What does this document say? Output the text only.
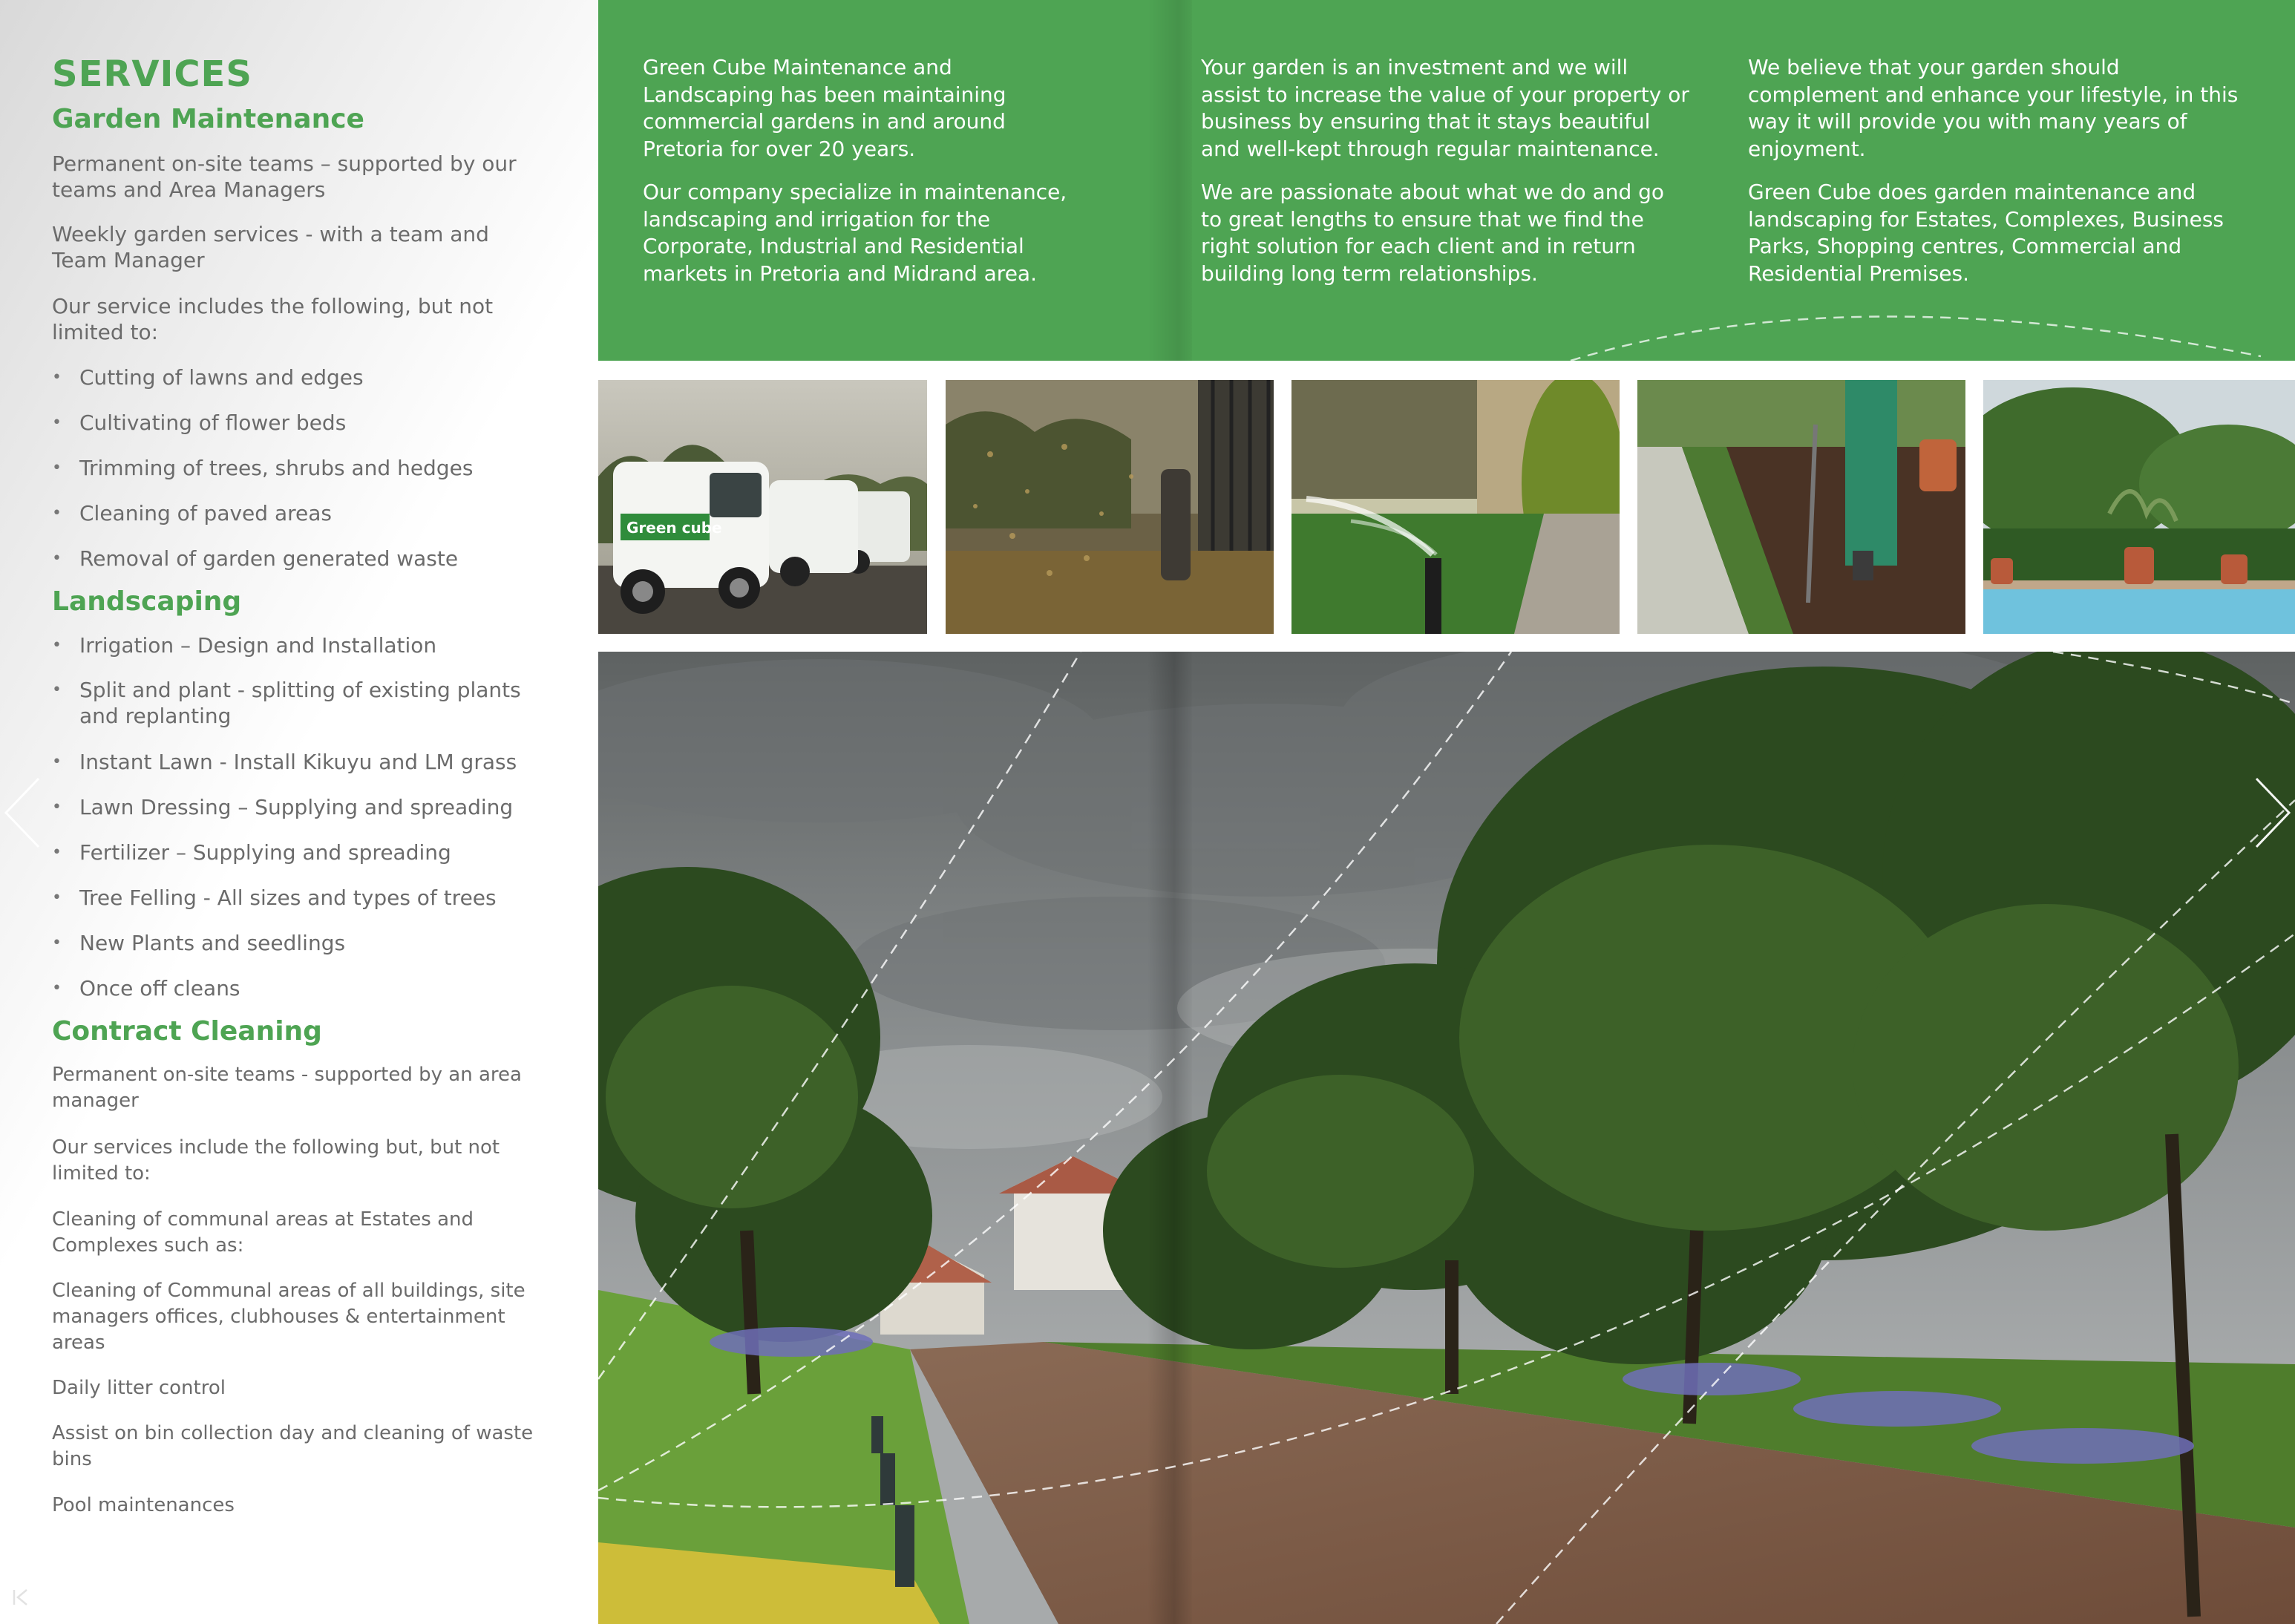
SERVICES
Garden Maintenance
Permanent on-site teams – supported by our teams and Area Managers
Weekly garden services - with a team and Team Manager
Our service includes the following, but not limited to:
• Cutting of lawns and edges
• Cultivating of flower beds
• Trimming of trees, shrubs and hedges
• Cleaning of paved areas
• Removal of garden generated waste
Landscaping
• Irrigation – Design and Installation
• Split and plant - splitting of existing plants and replanting
• Instant Lawn - Install Kikuyu and LM grass
• Lawn Dressing – Supplying and spreading
• Fertilizer – Supplying and spreading
• Tree Felling - All sizes and types of trees
• New Plants and seedlings
• Once off cleans
Contract Cleaning
Permanent on-site teams - supported by an area manager
Our services include the following but, but not limited to:
Cleaning of communal areas at Estates and Complexes such as:
Cleaning of Communal areas of all buildings, site managers offices, clubhouses & entertainment areas
Daily litter control
Assist on bin collection day and cleaning of waste bins
Pool maintenances
Green Cube Maintenance and Landscaping has been maintaining commercial gardens in and around Pretoria for over 20 years.
Our company specialize in maintenance, landscaping and irrigation for the Corporate, Industrial and Residential markets in Pretoria and Midrand area.
Your garden is an investment and we will assist to increase the value of your property or business by ensuring that it stays beautiful and well-kept through regular maintenance.
We are passionate about what we do and go to great lengths to ensure that we find the right solution for each client and in return building long term relationships.
We believe that your garden should complement and enhance your lifestyle, in this way it will provide you with many years of enjoyment.
Green Cube does garden maintenance and landscaping for Estates, Complexes, Business Parks, Shopping centres, Commercial and Residential Premises.
Green cube
